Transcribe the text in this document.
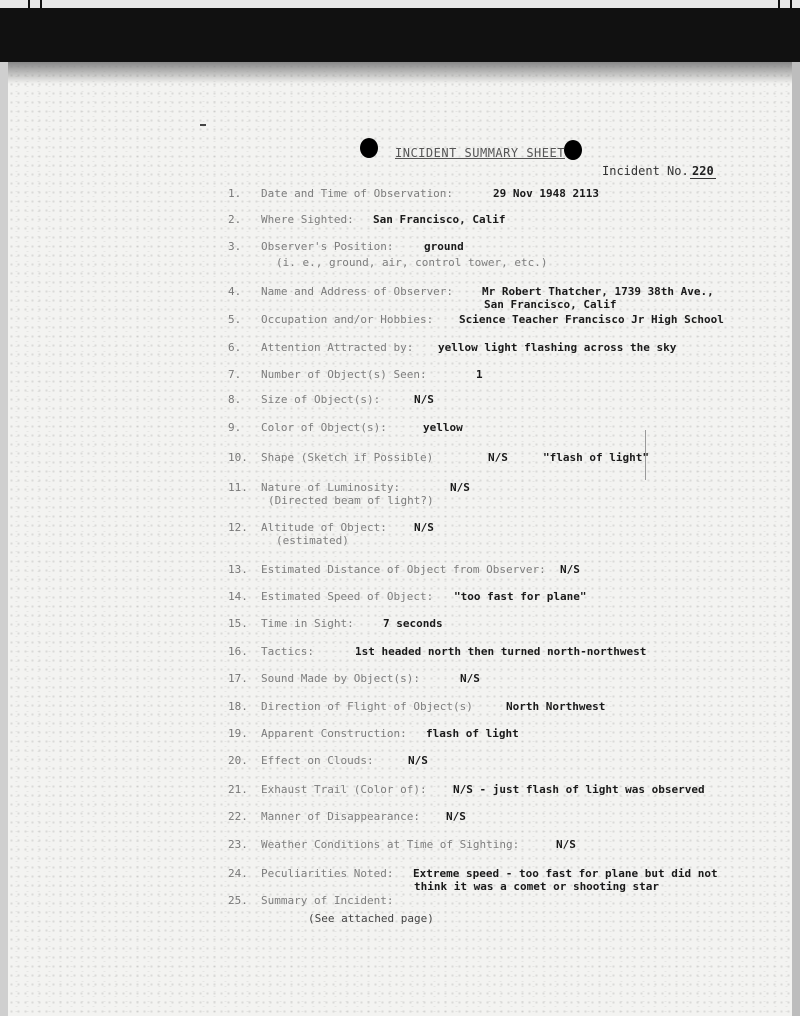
INCIDENT SUMMARY SHEET
Incident No. 220
1.	Date and Time of Observation:	29 Nov 1948 2113
2.	Where Sighted: San Francisco, Calif
3.	Observer's Position:	ground
(i. e., ground, air, control tower, etc.)
4.	Name and Address of Observer:	Mr Robert Thatcher, 1739 38th Ave.,
San Francisco, Calif
5.	Occupation and/or Hobbies: Science Teacher Francisco Jr High School
6.	Attention Attracted by: yellow light flashing across the sky
7.	Number of Object(s) Seen:	1
8.	Size of Object(s):	N/S
9.	Color of Object(s):	yellow
10.	Shape (Sketch if Possible)	N/S	"flash of light"
11.	Nature of Luminosity:	N/S
(Directed beam of light?)
12.	Altitude of Object: N/S
(estimated)
13.	Estimated Distance of Object from Observer: N/S
14.	Estimated Speed of Object: "too fast for plane"
15.	Time in Sight:	7 seconds
16.	Tactics:	1st headed north then turned north-northwest
17.	Sound Made by Object(s):	N/S
18.	Direction of Flight of Object(s)	North Northwest
19.	Apparent Construction: flash of light
20.	Effect on Clouds:	N/S
21.	Exhaust Trail (Color of): N/S - just flash of light was observed
22.	Manner of Disappearance: N/S
23.	Weather Conditions at Time of Sighting:	N/S
24.	Peculiarities Noted: Extreme speed - too fast for plane but did not
think it was a comet or shooting star
25.	Summary of Incident:
(See attached page)
